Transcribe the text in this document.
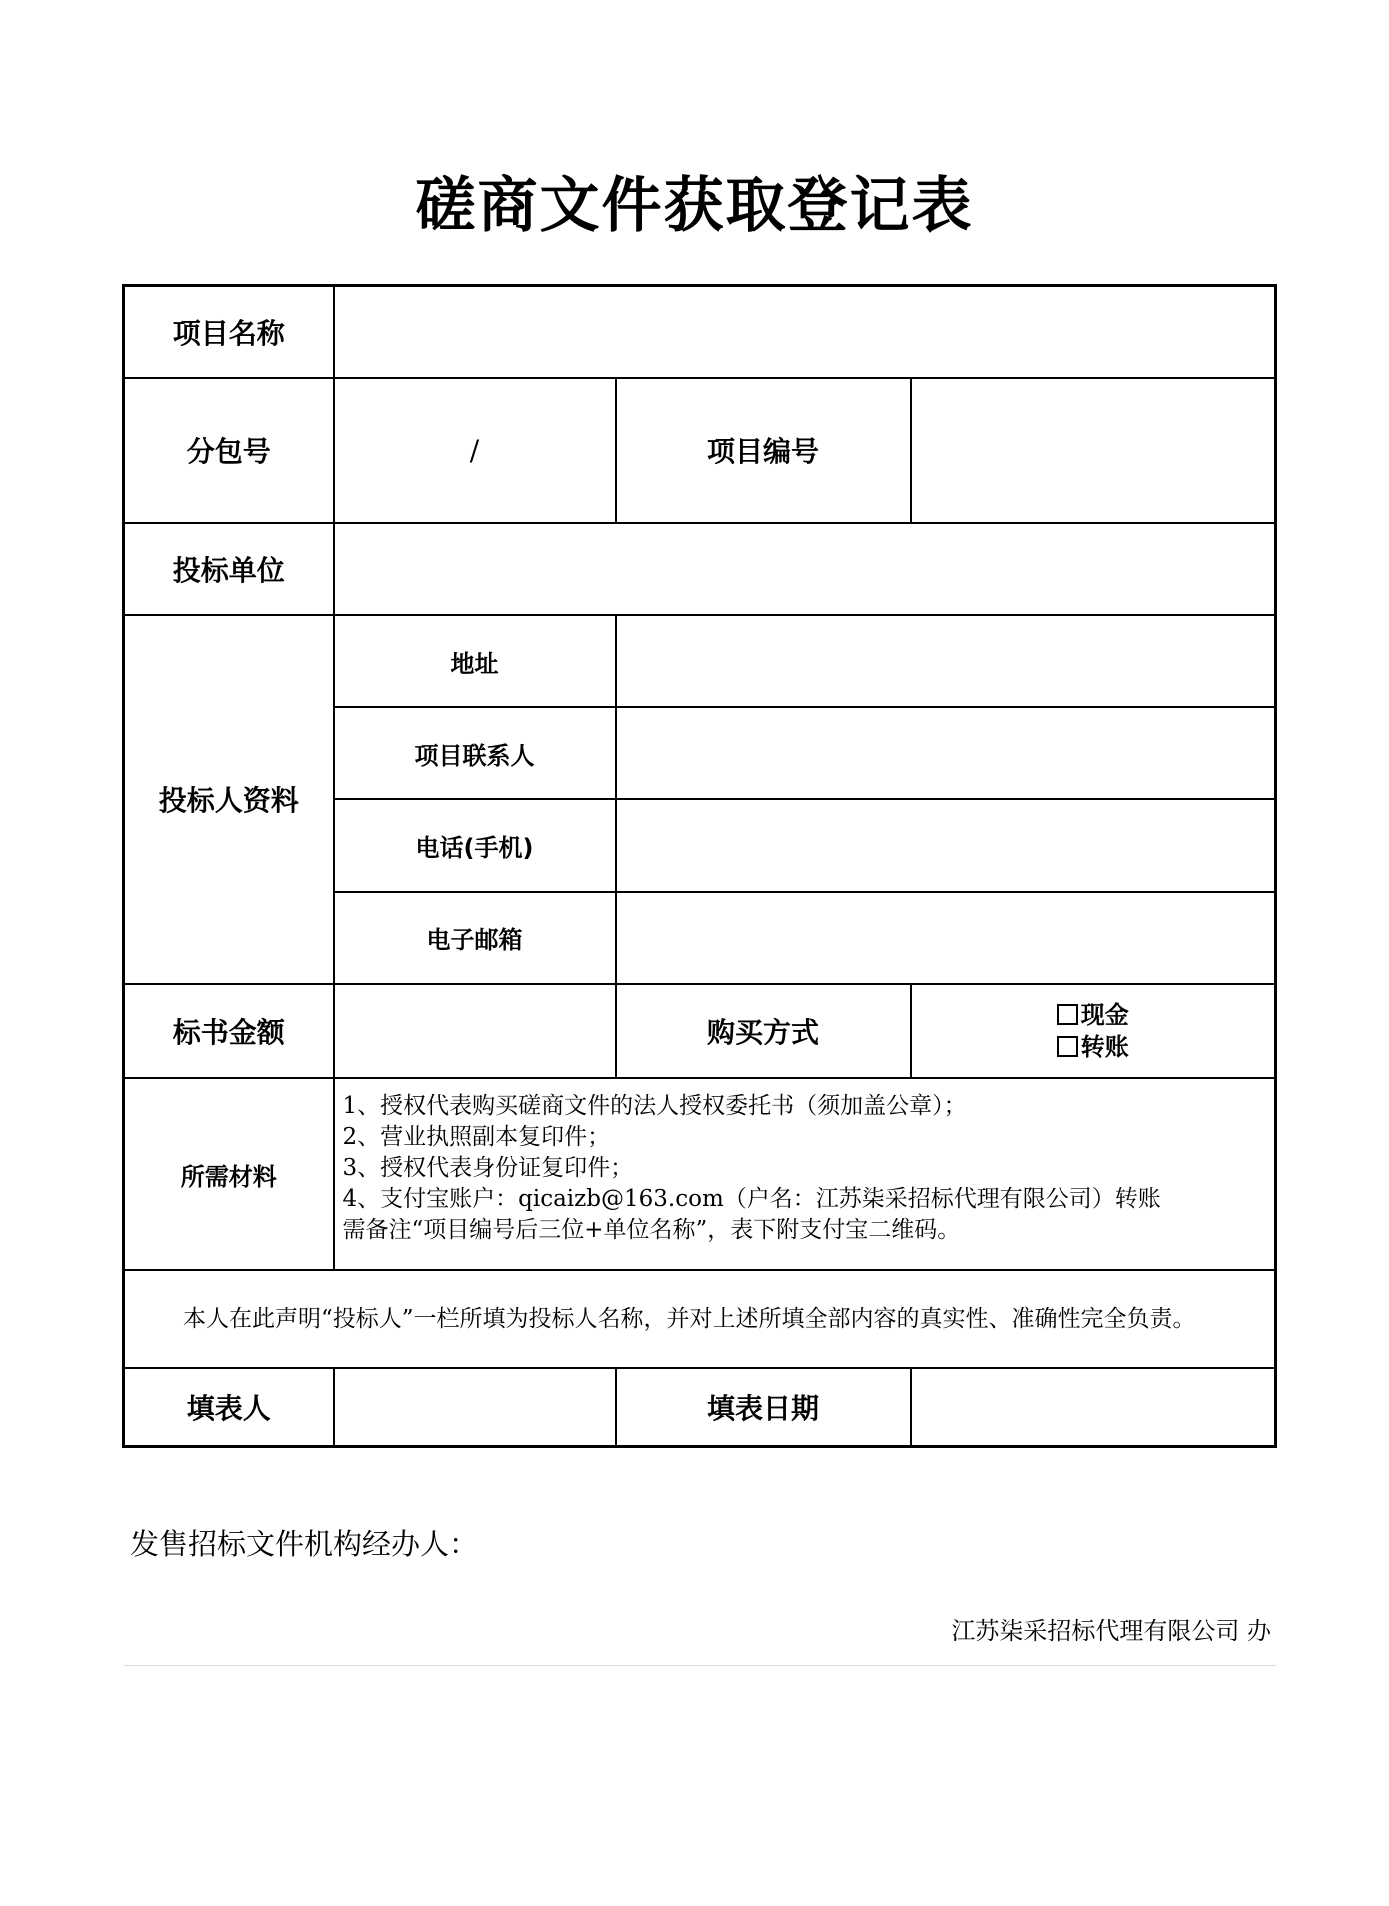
磋商文件获取登记表
项目名称			
分包号	/	项目编号	
投标单位			
投标人资料	地址		
	项目联系人		
	电话(手机)		
	电子邮箱		
标书金额		购买方式	现金
转账

所需材料	1、授权代表购买磋商文件的法人授权委托书（须加盖公章）；
2、营业执照副本复印件；
3、授权代表身份证复印件；
4、支付宝账户：qicaizb@163.com（户名：江苏柒采招标代理有限公司）转账
需备注“项目编号后三位+单位名称”，表下附支付宝二维码。		

本人在此声明“投标人”一栏所填为投标人名称，并对上述所填全部内容的真实性、准确性完全负责。			

填表人		填表日期	
发售招标文件机构经办人：
江苏柒采招标代理有限公司 办
